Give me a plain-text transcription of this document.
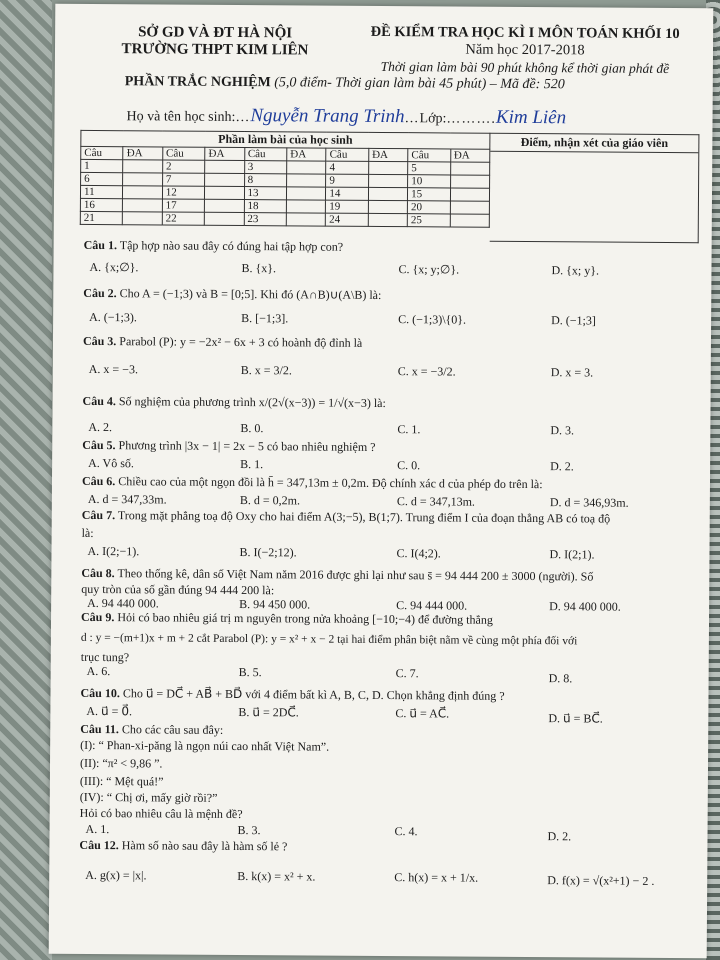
SỞ GD VÀ ĐT HÀ NỘI
TRƯỜNG THPT KIM LIÊN
ĐỀ KIỂM TRA HỌC KÌ I MÔN TOÁN KHỐI 10
Năm học 2017-2018
Thời gian làm bài 90 phút không kể thời gian phát đề
PHẦN TRẮC NGHIỆM (5,0 điểm- Thời gian làm bài 45 phút) – Mã đề: 520
Họ và tên học sinh:…Nguyễn Trang Trinh…Lớp:……….Kim Liên
Phần làm bài của học sinh									
Câu	ĐA	Câu	ĐA	Câu	ĐA	Câu	ĐA	Câu	ĐA
1		2		3		4		5	
6		7		8		9		10	
11		12		13		14		15	
16		17		18		19		20	
21		22		23		24		25	
Điểm, nhận xét của giáo viên
Câu 1. Tập hợp nào sau đây có đúng hai tập hợp con?
A. {x;∅}.	B. {x}.	C. {x; y;∅}.	D. {x; y}.
Câu 2. Cho A = (−1;3) và B = [0;5]. Khi đó (A∩B)∪(A\B) là:
A. (−1;3).	B. [−1;3].	C. (−1;3)\{0}.	D. (−1;3]
Câu 3. Parabol (P): y = −2x² − 6x + 3 có hoành độ đỉnh là
A. x = −3.	B. x = 3/2.	C. x = −3/2.	D. x = 3.
Câu 4. Số nghiệm của phương trình x/(2√(x−3)) = 1/√(x−3) là:
A. 2.	B. 0.	C. 1.	D. 3.
Câu 5. Phương trình |3x − 1| = 2x − 5 có bao nhiêu nghiệm ?
A. Vô số.	B. 1.	C. 0.	D. 2.
Câu 6. Chiều cao của một ngọn đồi là h̄ = 347,13m ± 0,2m. Độ chính xác d của phép đo trên là:
A. d = 347,33m.	B. d = 0,2m.	C. d = 347,13m.	D. d = 346,93m.
Câu 7. Trong mặt phẳng toạ độ Oxy cho hai điểm A(3;−5), B(1;7). Trung điểm I của đoạn thẳng AB có toạ độ
là:
A. I(2;−1).	B. I(−2;12).	C. I(4;2).	D. I(2;1).
Câu 8. Theo thống kê, dân số Việt Nam năm 2016 được ghi lại như sau s̄ = 94 444 200 ± 3000 (người). Số
quy tròn của số gần đúng 94 444 200 là:
A. 94 440 000.	B. 94 450 000.	C. 94 444 000.	D. 94 400 000.
Câu 9. Hỏi có bao nhiêu giá trị m nguyên trong nửa khoảng [−10;−4) để đường thẳng
d : y = −(m+1)x + m + 2 cắt Parabol (P): y = x² + x − 2 tại hai điểm phân biệt nằm về cùng một phía đối với
trục tung?
A. 6.	B. 5.	C. 7.	D. 8.
Câu 10. Cho u⃗ = DC⃗ + AB⃗ + BD⃗ với 4 điểm bất kì A, B, C, D. Chọn khẳng định đúng ?
A. u⃗ = 0⃗.	B. u⃗ = 2DC⃗.	C. u⃗ = AC⃗.	D. u⃗ = BC⃗.
Câu 11. Cho các câu sau đây:
(I): “ Phan-xi-păng là ngọn núi cao nhất Việt Nam”.
(II): “π² < 9,86 ”.
(III): “ Mệt quá!”
(IV): “ Chị ơi, mấy giờ rồi?”
Hỏi có bao nhiêu câu là mệnh đề?
A. 1.	B. 3.	C. 4.	D. 2.
Câu 12. Hàm số nào sau đây là hàm số lẻ ?
A. g(x) = |x|.	B. k(x) = x² + x.	C. h(x) = x + 1/x.	D. f(x) = √(x²+1) − 2 .
